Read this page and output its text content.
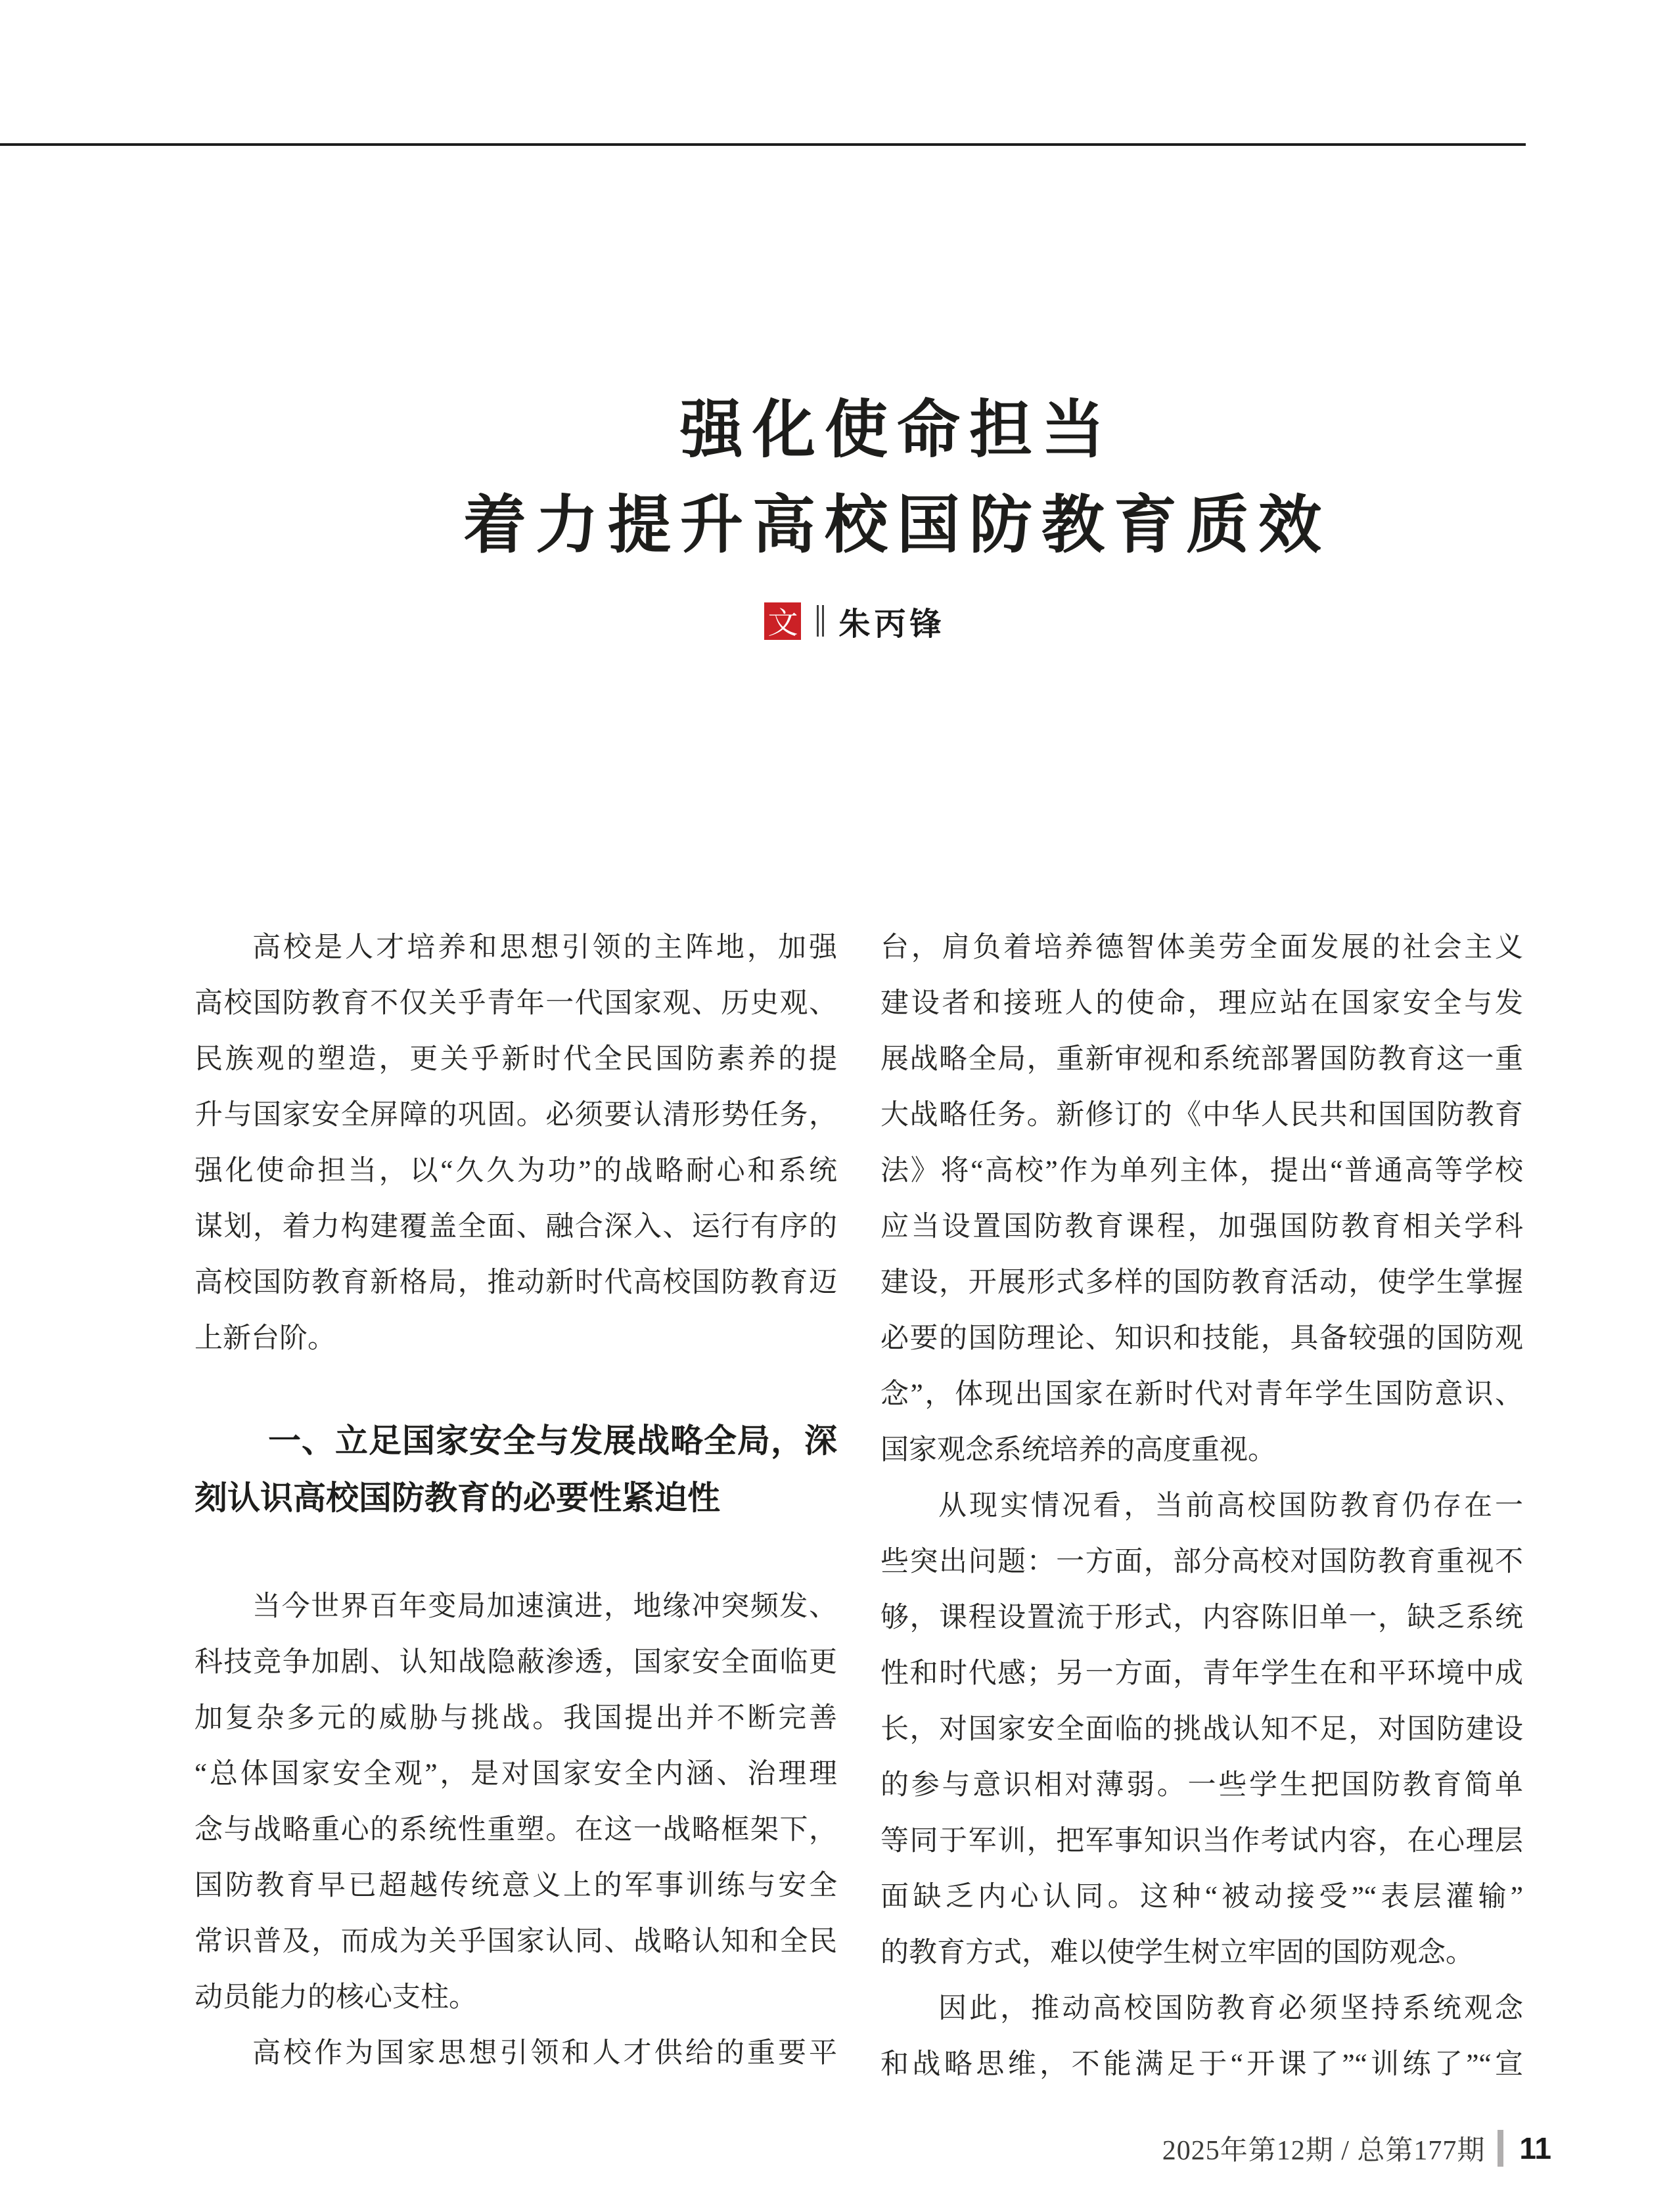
强化使命担当
着力提升高校国防教育质效
文 朱丙锋
高校是人才培养和思想引领的主阵地，加强
高校国防教育不仅关乎青年一代国家观、历史观、
民族观的塑造，更关乎新时代全民国防素养的提
升与国家安全屏障的巩固。必须要认清形势任务，
强化使命担当，以“久久为功”的战略耐心和系统
谋划，着力构建覆盖全面、融合深入、运行有序的
高校国防教育新格局，推动新时代高校国防教育迈
上新台阶。
一、立足国家安全与发展战略全局，深
刻认识高校国防教育的必要性紧迫性
当今世界百年变局加速演进，地缘冲突频发、
科技竞争加剧、认知战隐蔽渗透，国家安全面临更
加复杂多元的威胁与挑战。我国提出并不断完善
“总体国家安全观”，是对国家安全内涵、治理理
念与战略重心的系统性重塑。在这一战略框架下，
国防教育早已超越传统意义上的军事训练与安全
常识普及，而成为关乎国家认同、战略认知和全民
动员能力的核心支柱。
高校作为国家思想引领和人才供给的重要平
台，肩负着培养德智体美劳全面发展的社会主义
建设者和接班人的使命，理应站在国家安全与发
展战略全局，重新审视和系统部署国防教育这一重
大战略任务。新修订的《中华人民共和国国防教育
法》将“高校”作为单列主体，提出“普通高等学校
应当设置国防教育课程，加强国防教育相关学科
建设，开展形式多样的国防教育活动，使学生掌握
必要的国防理论、知识和技能，具备较强的国防观
念”，体现出国家在新时代对青年学生国防意识、
国家观念系统培养的高度重视。
从现实情况看，当前高校国防教育仍存在一
些突出问题：一方面，部分高校对国防教育重视不
够，课程设置流于形式，内容陈旧单一，缺乏系统
性和时代感；另一方面，青年学生在和平环境中成
长，对国家安全面临的挑战认知不足，对国防建设
的参与意识相对薄弱。一些学生把国防教育简单
等同于军训，把军事知识当作考试内容，在心理层
面缺乏内心认同。这种“被动接受”“表层灌输”
的教育方式，难以使学生树立牢固的国防观念。
因此，推动高校国防教育必须坚持系统观念
和战略思维，不能满足于“开课了”“训练了”“宣
2025年第12期 / 总第177期 11
